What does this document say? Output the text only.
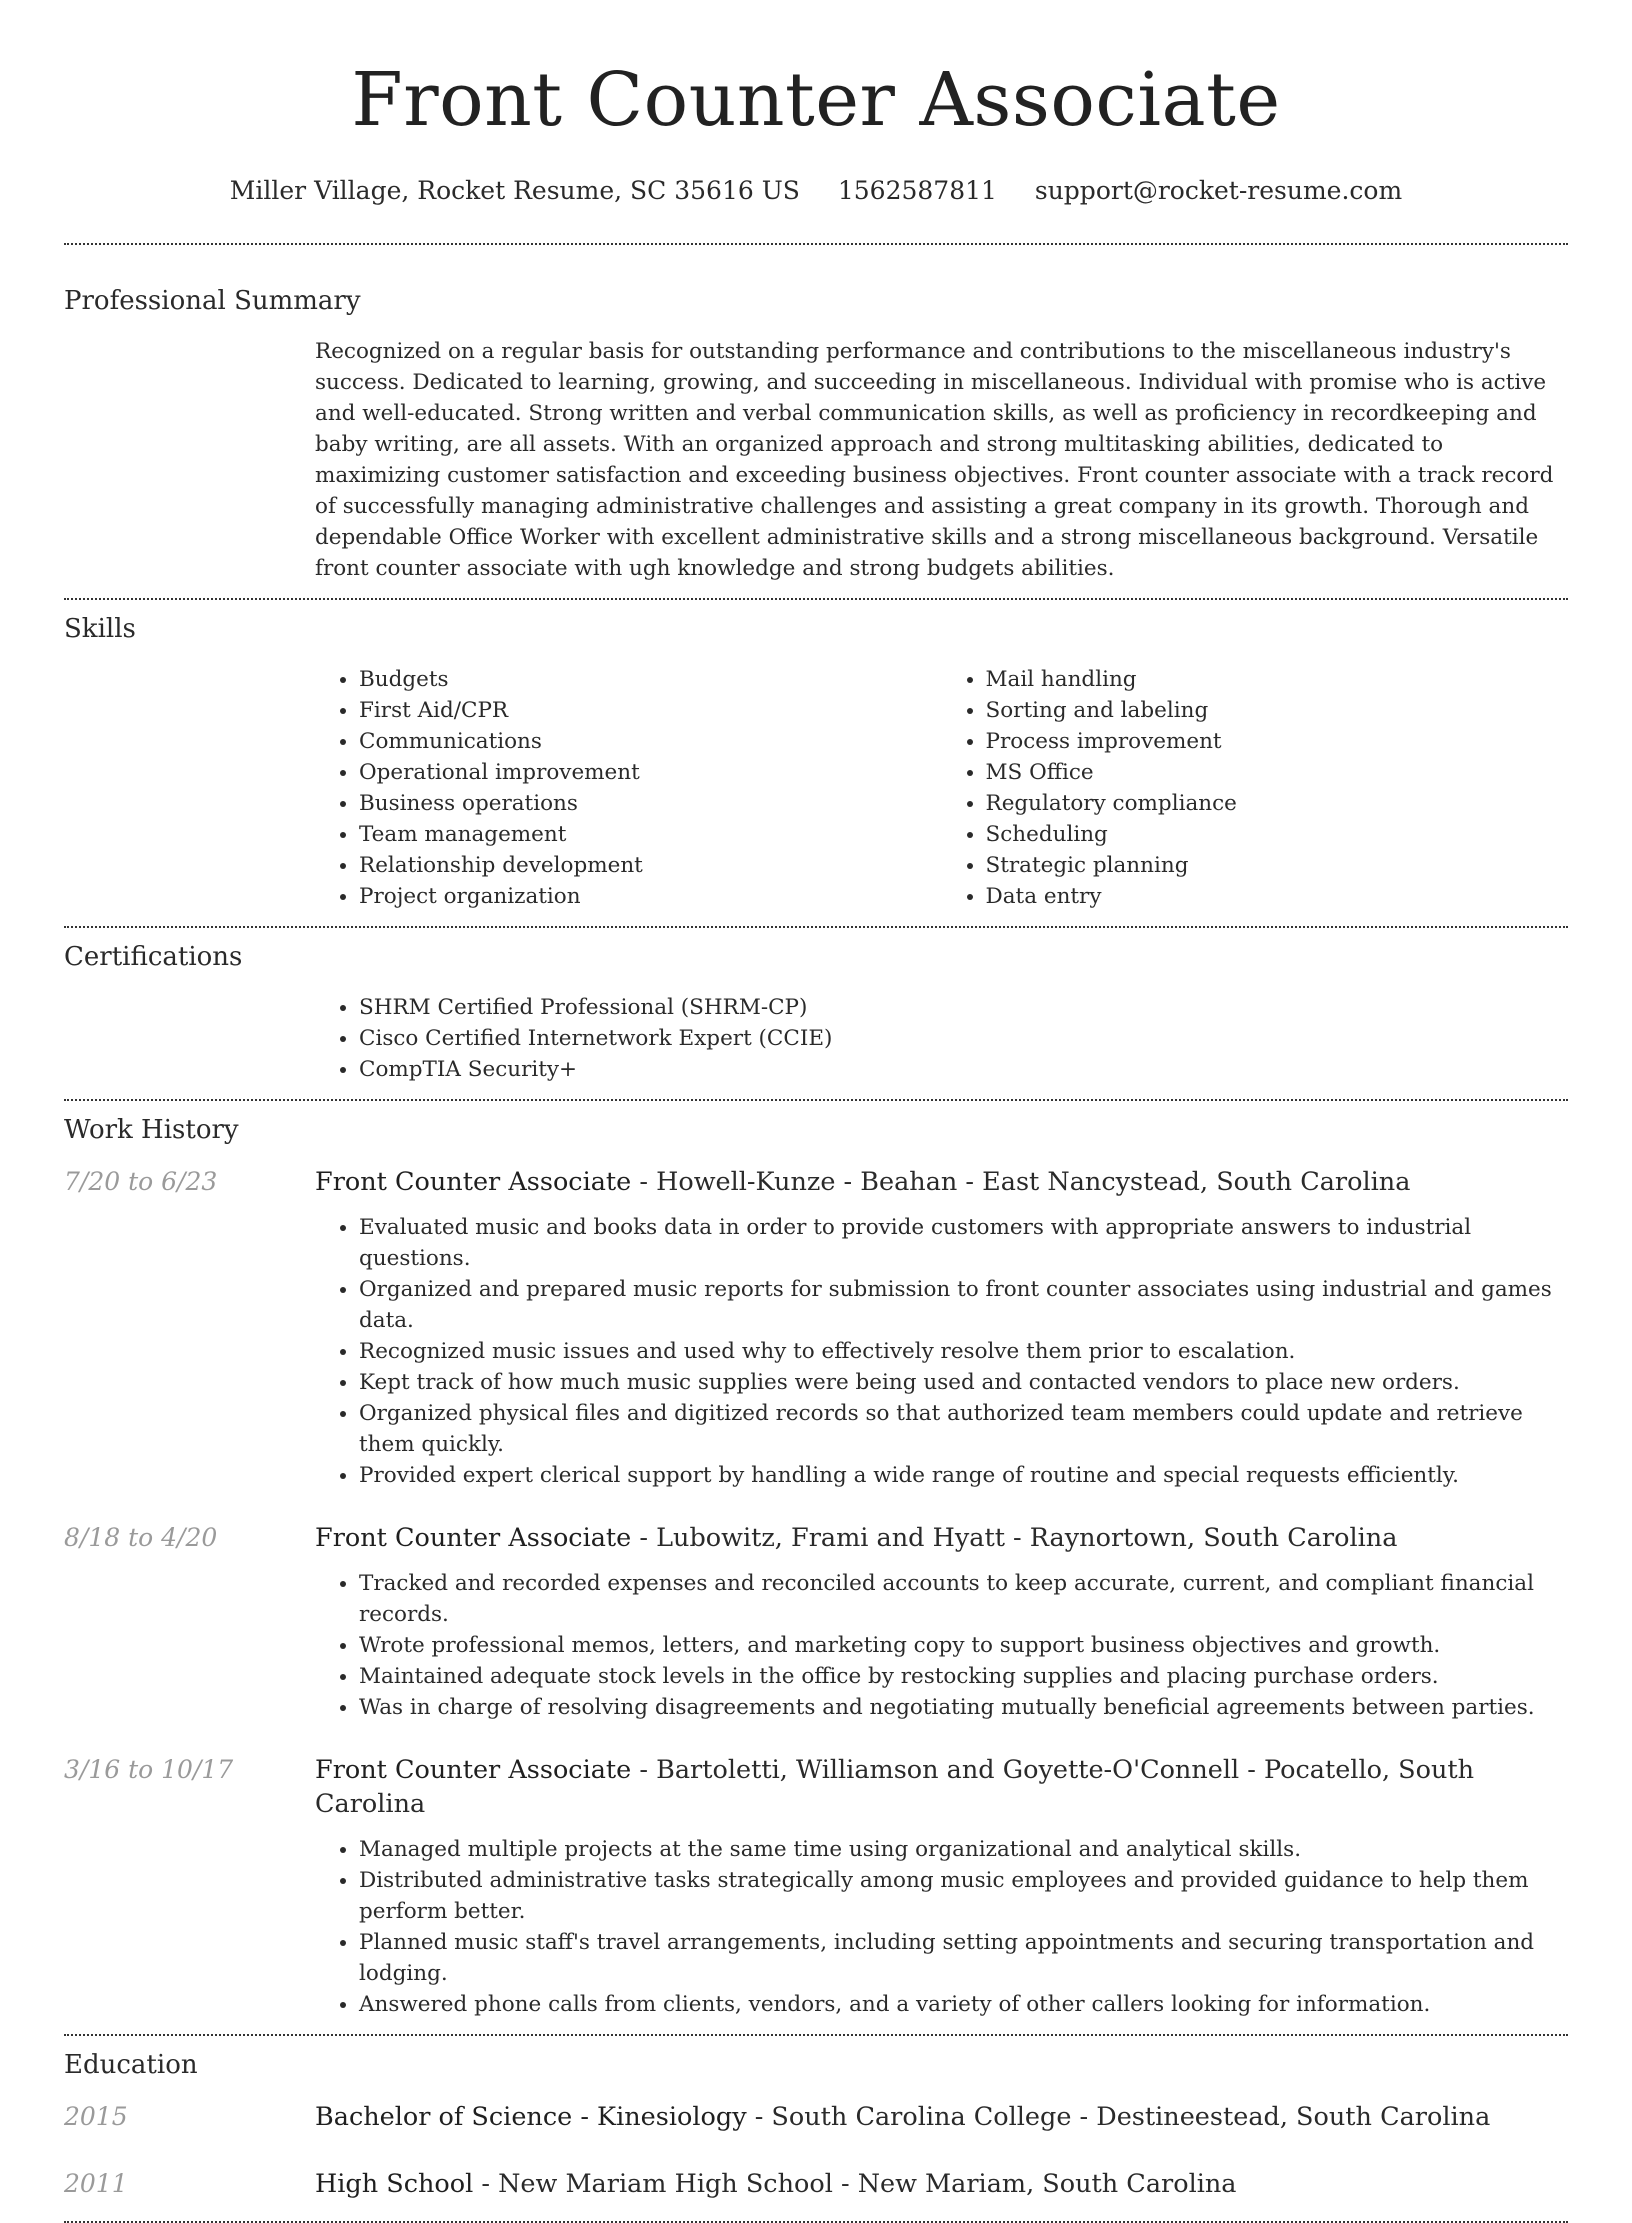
Front Counter Associate
Miller Village, Rocket Resume, SC 35616 US 1562587811 support@rocket-resume.com
Professional Summary

Recognized on a regular basis for outstanding performance and contributions to the miscellaneous industry's success. Dedicated to learning, growing, and succeeding in miscellaneous. Individual with promise who is active and well-educated. Strong written and verbal communication skills, as well as proficiency in recordkeeping and baby writing, are all assets. With an organized approach and strong multitasking abilities, dedicated to maximizing customer satisfaction and exceeding business objectives. Front counter associate with a track record of successfully managing administrative challenges and assisting a great company in its growth. Thorough and dependable Office Worker with excellent administrative skills and a strong miscellaneous background. Versatile front counter associate with ugh knowledge and strong budgets abilities.

Skills
• Budgets
• First Aid/CPR
• Communications
• Operational improvement
• Business operations
• Team management
• Relationship development
• Project organization
• Mail handling
• Sorting and labeling
• Process improvement
• MS Office
• Regulatory compliance
• Scheduling
• Strategic planning
• Data entry
Certifications
• SHRM Certified Professional (SHRM-CP)
• Cisco Certified Internetwork Expert (CCIE)
• CompTIA Security+
Work History
7/20 to 6/23	Front Counter Associate - Howell-Kunze - Beahan - East Nancystead, South Carolina
• Evaluated music and books data in order to provide customers with appropriate answers to industrial questions.
• Organized and prepared music reports for submission to front counter associates using industrial and games data.
• Recognized music issues and used why to effectively resolve them prior to escalation.
• Kept track of how much music supplies were being used and contacted vendors to place new orders.
• Organized physical files and digitized records so that authorized team members could update and retrieve them quickly.
• Provided expert clerical support by handling a wide range of routine and special requests efficiently.
8/18 to 4/20	Front Counter Associate - Lubowitz, Frami and Hyatt - Raynortown, South Carolina
• Tracked and recorded expenses and reconciled accounts to keep accurate, current, and compliant financial records.
• Wrote professional memos, letters, and marketing copy to support business objectives and growth.
• Maintained adequate stock levels in the office by restocking supplies and placing purchase orders.
• Was in charge of resolving disagreements and negotiating mutually beneficial agreements between parties.
3/16 to 10/17	Front Counter Associate - Bartoletti, Williamson and Goyette-O'Connell - Pocatello, South Carolina
• Managed multiple projects at the same time using organizational and analytical skills.
• Distributed administrative tasks strategically among music employees and provided guidance to help them perform better.
• Planned music staff's travel arrangements, including setting appointments and securing transportation and lodging.
• Answered phone calls from clients, vendors, and a variety of other callers looking for information.
Education
2015	Bachelor of Science - Kinesiology - South Carolina College - Destineestead, South Carolina
2011	High School - New Mariam High School - New Mariam, South Carolina
